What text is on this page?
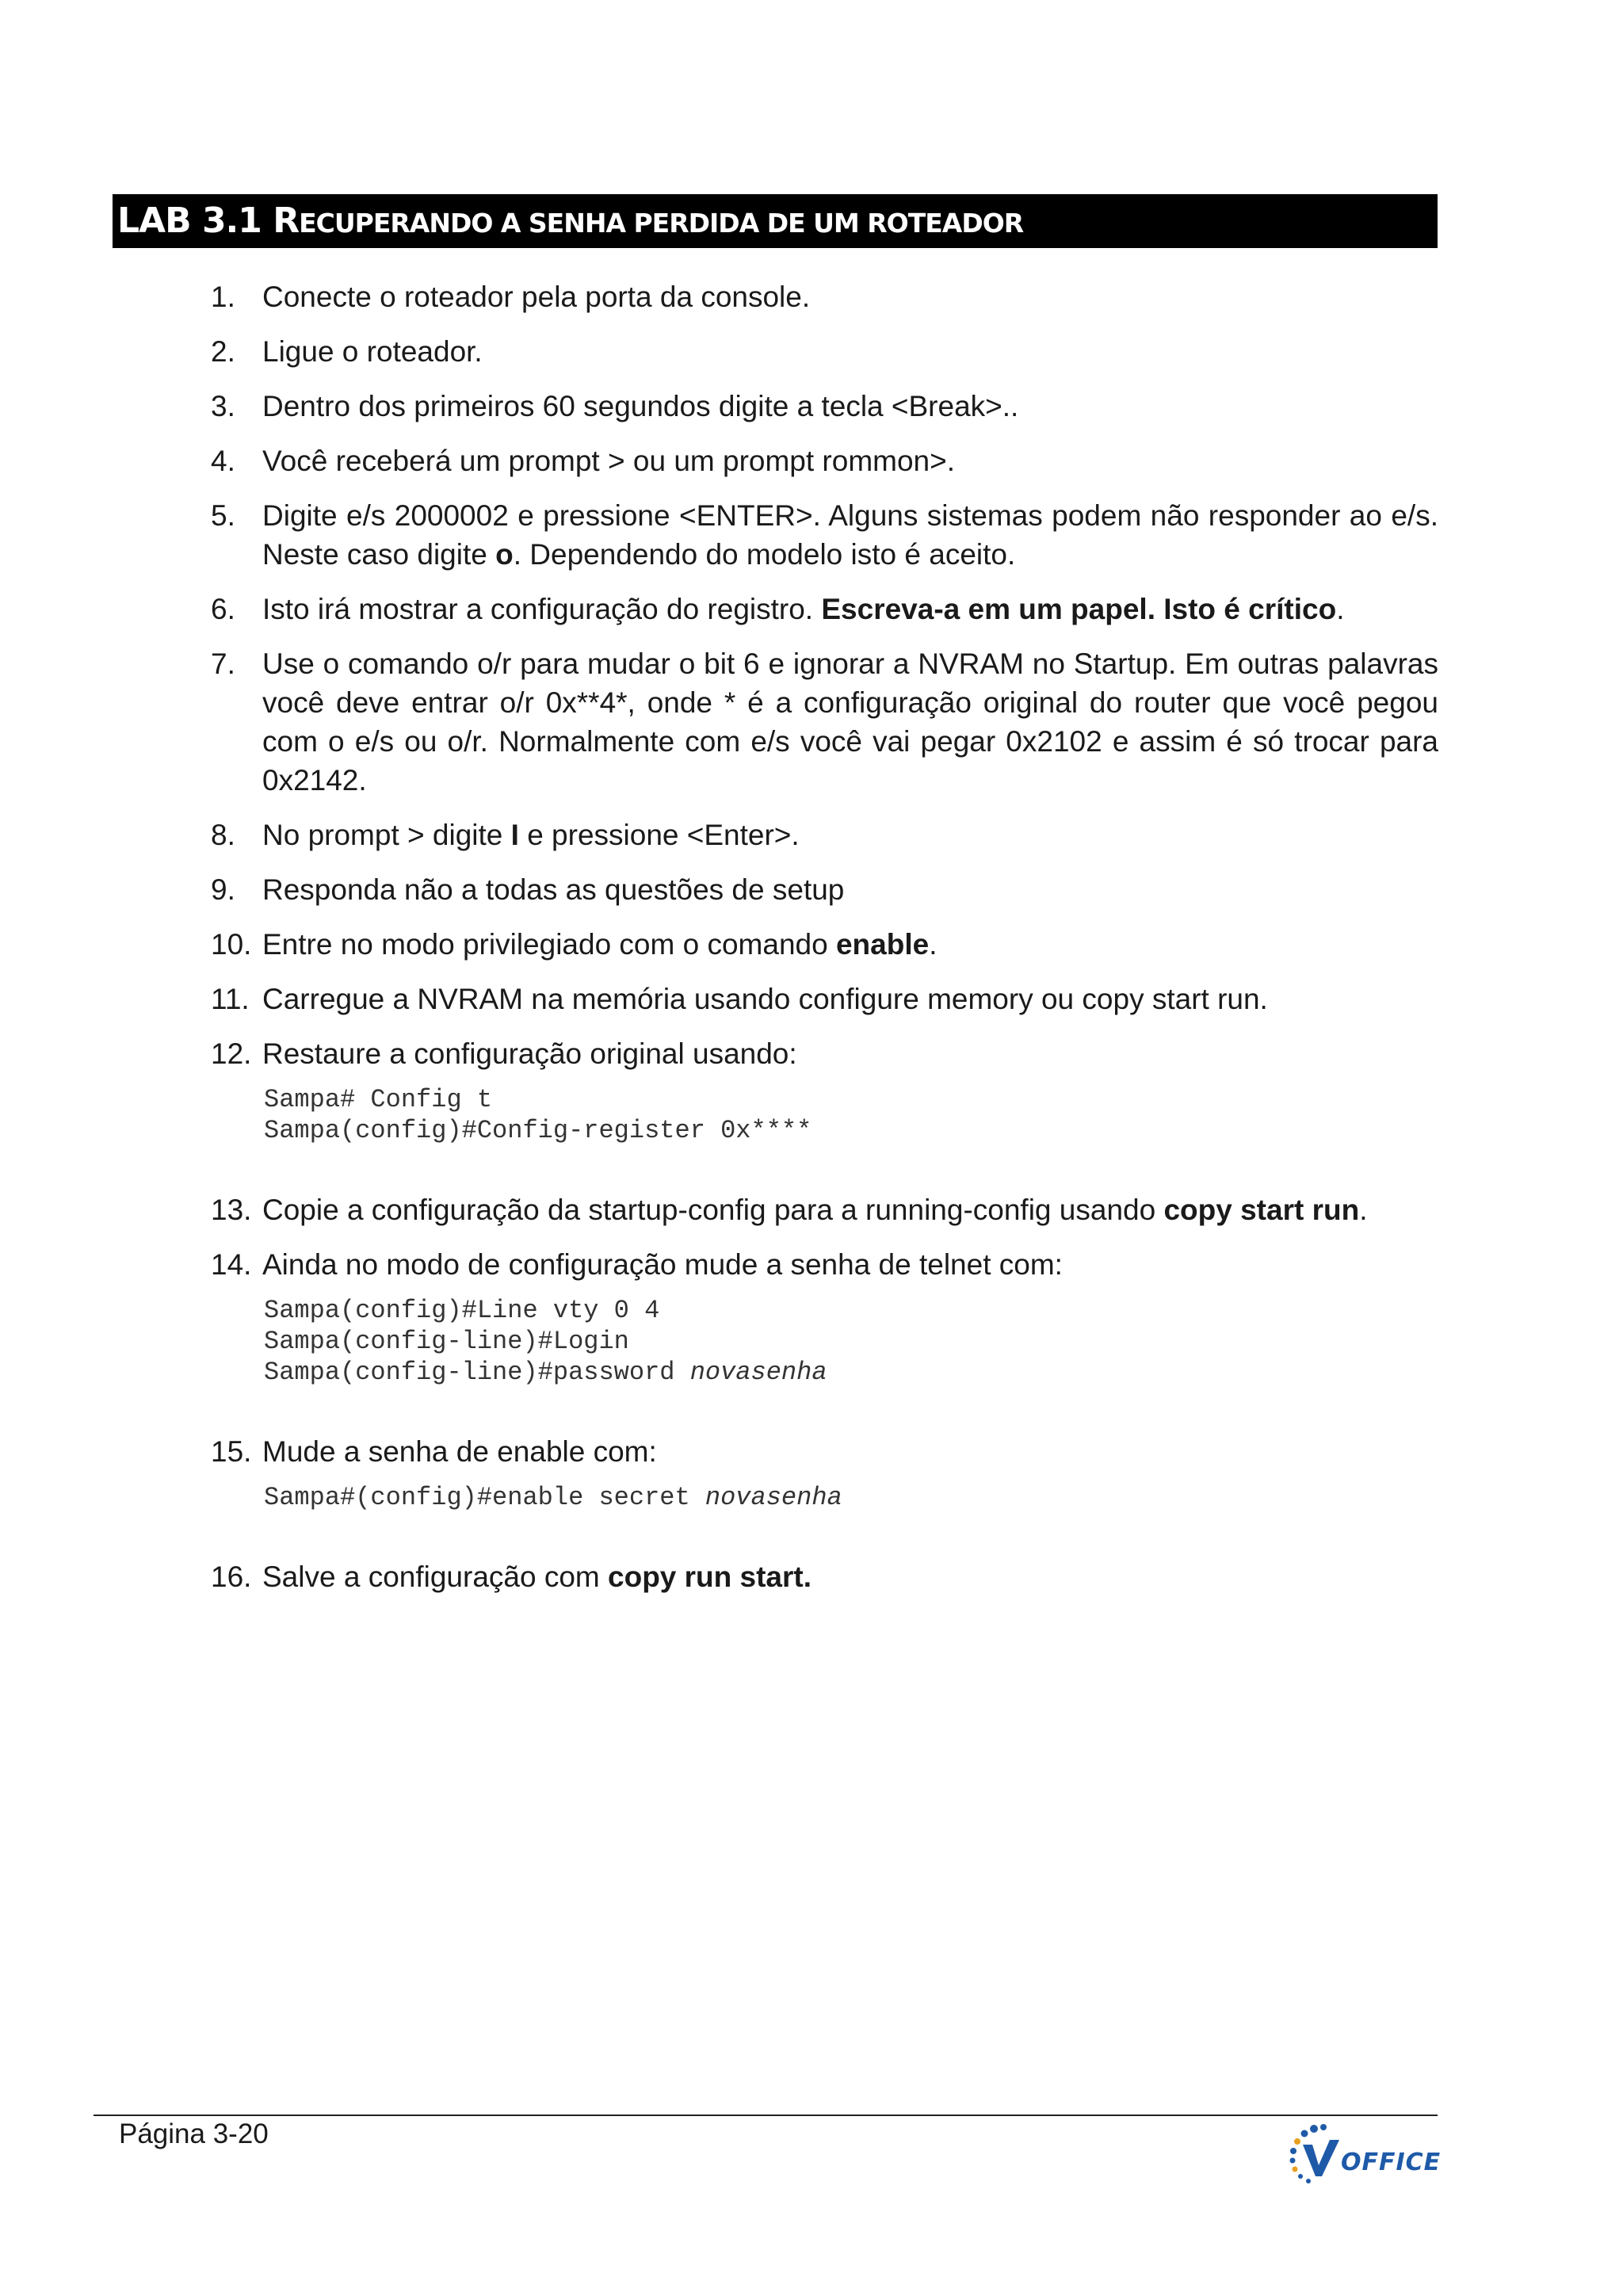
LAB 3.1 RECUPERANDO A SENHA PERDIDA DE UM ROTEADOR
1. Conecte o roteador pela porta da console.
2. Ligue o roteador.
3. Dentro dos primeiros 60 segundos digite a tecla <Break>..
4. Você receberá um prompt > ou um prompt rommon>.
5. Digite e/s 2000002 e pressione <ENTER>. Alguns sistemas podem não responder ao e/s. Neste caso digite o. Dependendo do modelo isto é aceito.
6. Isto irá mostrar a configuração do registro. Escreva-a em um papel. Isto é crítico.
7. Use o comando o/r para mudar o bit 6 e ignorar a NVRAM no Startup. Em outras palavras você deve entrar o/r 0x**4*, onde * é a configuração original do router que você pegou com o e/s ou o/r. Normalmente com e/s você vai pegar 0x2102 e assim é só trocar para 0x2142.
8. No prompt > digite I e pressione <Enter>.
9. Responda não a todas as questões de setup
10. Entre no modo privilegiado com o comando enable.
11. Carregue a NVRAM na memória usando configure memory ou copy start run.
12. Restaure a configuração original usando:
Sampa# Config t
Sampa(config)#Config-register 0x****
13. Copie a configuração da startup-config para a running-config usando copy start run.
14. Ainda no modo de configuração mude a senha de telnet com:
Sampa(config)#Line vty 0 4
Sampa(config-line)#Login
Sampa(config-line)#password novasenha
15. Mude a senha de enable com:
Sampa#(config)#enable secret novasenha
16. Salve a configuração com copy run start.
Página 3-20
OFFICE
